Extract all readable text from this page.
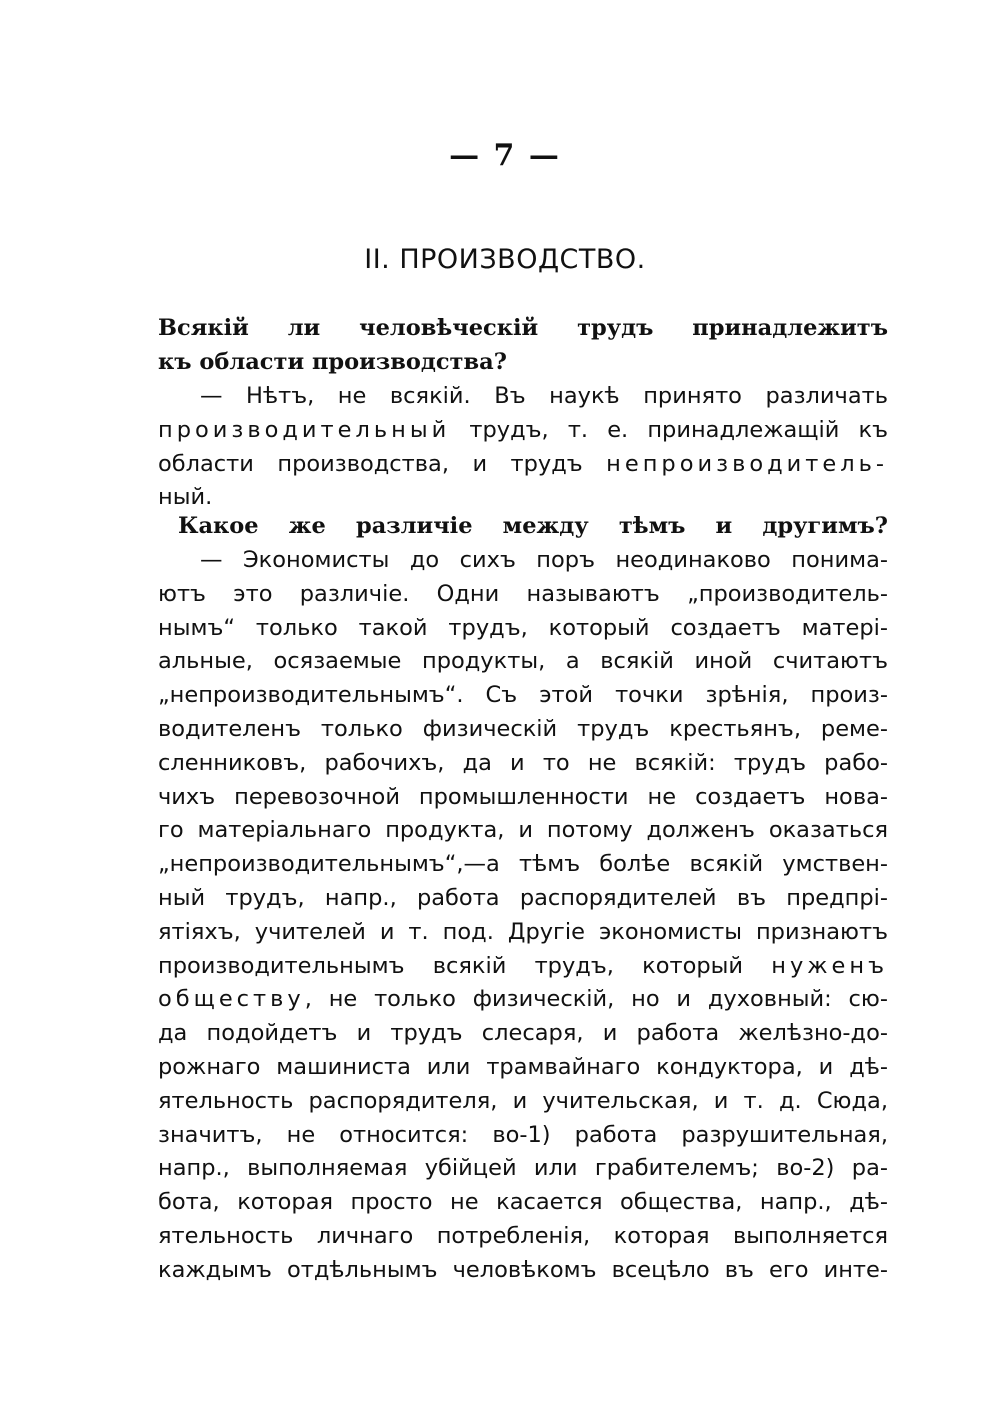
— 7 —
II. ПРОИЗВОДСТВО.
Всякій ли человѣческій трудъ принадлежитъ
къ области производства?
— Нѣтъ, не всякій. Въ наукѣ принято различать
производительный трудъ, т. е. принадлежащій къ
области производства, и трудъ непроизводитель-
ный.
Какое же различіе между тѣмъ и другимъ?
— Экономисты до сихъ поръ неодинаково понима-
ютъ это различіе. Одни называютъ „производитель-
нымъ“ только такой трудъ, который создаетъ матері-
альные, осязаемые продукты, а всякій иной считаютъ
„непроизводительнымъ“. Съ этой точки зрѣнія, произ-
водителенъ только физическій трудъ крестьянъ, реме-
сленниковъ, рабочихъ, да и то не всякій: трудъ рабо-
чихъ перевозочной промышленности не создаетъ нова-
го матеріальнаго продукта, и потому долженъ оказаться
„непроизводительнымъ“,—а тѣмъ болѣе всякій умствен-
ный трудъ, напр., работа распорядителей въ предпрі-
ятіяхъ, учителей и т. под. Другіе экономисты признаютъ
производительнымъ всякій трудъ, который нуженъ
обществу, не только физическій, но и духовный: сю-
да подойдетъ и трудъ слесаря, и работа желѣзно-до-
рожнаго машиниста или трамвайнаго кондуктора, и дѣ-
ятельность распорядителя, и учительская, и т. д. Сюда,
значитъ, не относится: во-1) работа разрушительная,
напр., выполняемая убійцей или грабителемъ; во-2) ра-
бота, которая просто не касается общества, напр., дѣ-
ятельность личнаго потребленія, которая выполняется
каждымъ отдѣльнымъ человѣкомъ всецѣло въ его инте-
